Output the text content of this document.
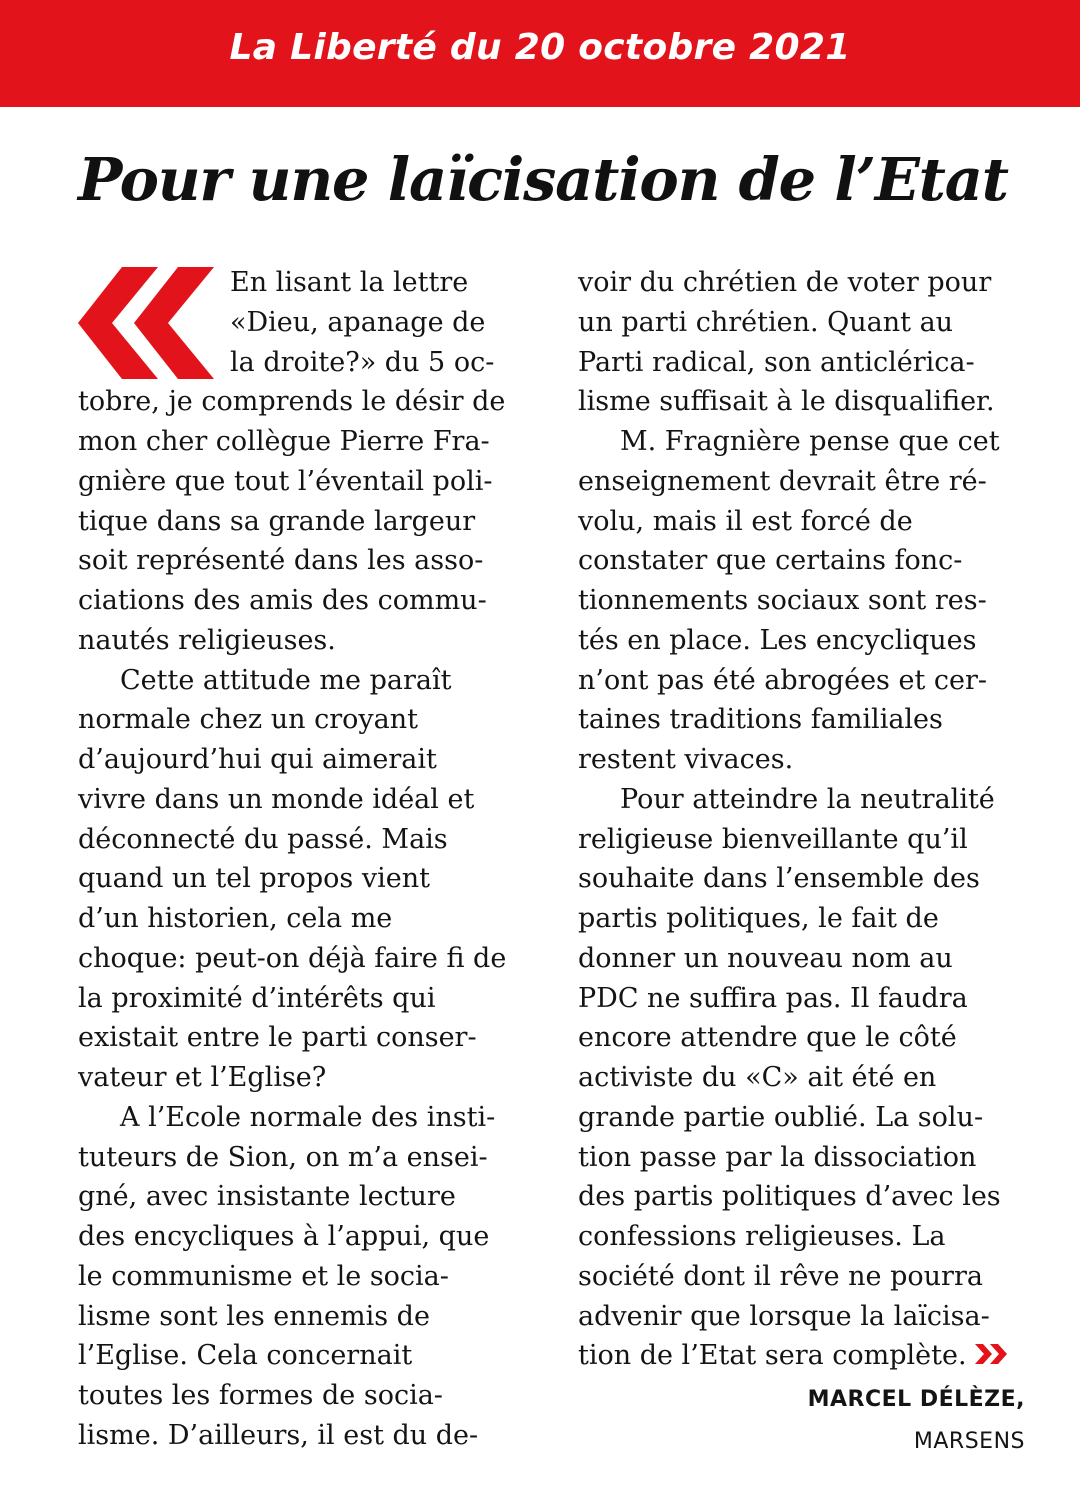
La Liberté du 20 octobre 2021
Pour une laïcisation de l’Etat
En lisant la lettre
«Dieu, apanage de
la droite?» du 5 oc-
tobre, je comprends le désir de
mon cher collègue Pierre Fra-
gnière que tout l’éventail poli-
tique dans sa grande largeur
soit représenté dans les asso-
ciations des amis des commu-
nautés religieuses.
Cette attitude me paraît
normale chez un croyant
d’aujourd’hui qui aimerait
vivre dans un monde idéal et
déconnecté du passé. Mais
quand un tel propos vient
d’un historien, cela me
choque: peut-on déjà faire fi de
la proximité d’intérêts qui
existait entre le parti conser-
vateur et l’Eglise?
A l’Ecole normale des insti-
tuteurs de Sion, on m’a ensei-
gné, avec insistante lecture
des encycliques à l’appui, que
le communisme et le socia-
lisme sont les ennemis de
l’Eglise. Cela concernait
toutes les formes de socia-
lisme. D’ailleurs, il est du de-
voir du chrétien de voter pour
un parti chrétien. Quant au
Parti radical, son anticlérica-
lisme suffisait à le disqualifier.
M. Fragnière pense que cet
enseignement devrait être ré-
volu, mais il est forcé de
constater que certains fonc-
tionnements sociaux sont res-
tés en place. Les encycliques
n’ont pas été abrogées et cer-
taines traditions familiales
restent vivaces.
Pour atteindre la neutralité
religieuse bienveillante qu’il
souhaite dans l’ensemble des
partis politiques, le fait de
donner un nouveau nom au
PDC ne suffira pas. Il faudra
encore attendre que le côté
activiste du «C» ait été en
grande partie oublié. La solu-
tion passe par la dissociation
des partis politiques d’avec les
confessions religieuses. La
société dont il rêve ne pourra
advenir que lorsque la laïcisa-
tion de l’Etat sera complète.
MARCEL DÉLÈZE,
MARSENS
